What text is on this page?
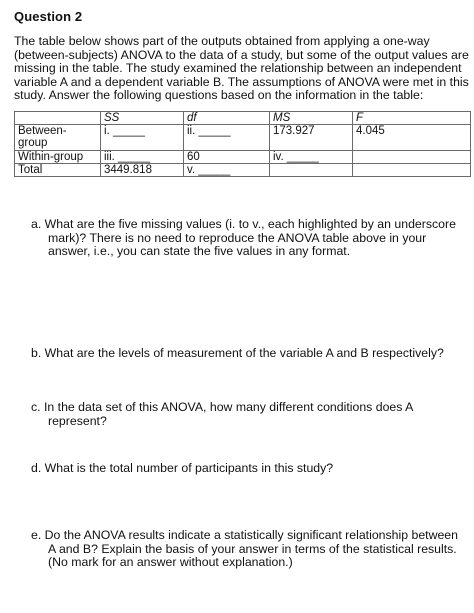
Question 2
The table below shows part of the outputs obtained from applying a one-way
(between-subjects) ANOVA to the data of a study, but some of the output values are
missing in the table. The study examined the relationship between an independent
variable A and a dependent variable B. The assumptions of ANOVA were met in this
study. Answer the following questions based on the information in the table:
	SS	df	MS	F

Between-
group	i. _____	ii. _____	173.927	4.045
Within-group	iii. _____	60	iv. _____	
Total	3449.818	v. _____		
a. What are the five missing values (i. to v., each highlighted by an underscore
mark)? There is no need to reproduce the ANOVA table above in your
answer, i.e., you can state the five values in any format.
b. What are the levels of measurement of the variable A and B respectively?
c. In the data set of this ANOVA, how many different conditions does A
represent?
d. What is the total number of participants in this study?
e. Do the ANOVA results indicate a statistically significant relationship between
A and B? Explain the basis of your answer in terms of the statistical results.
(No mark for an answer without explanation.)
